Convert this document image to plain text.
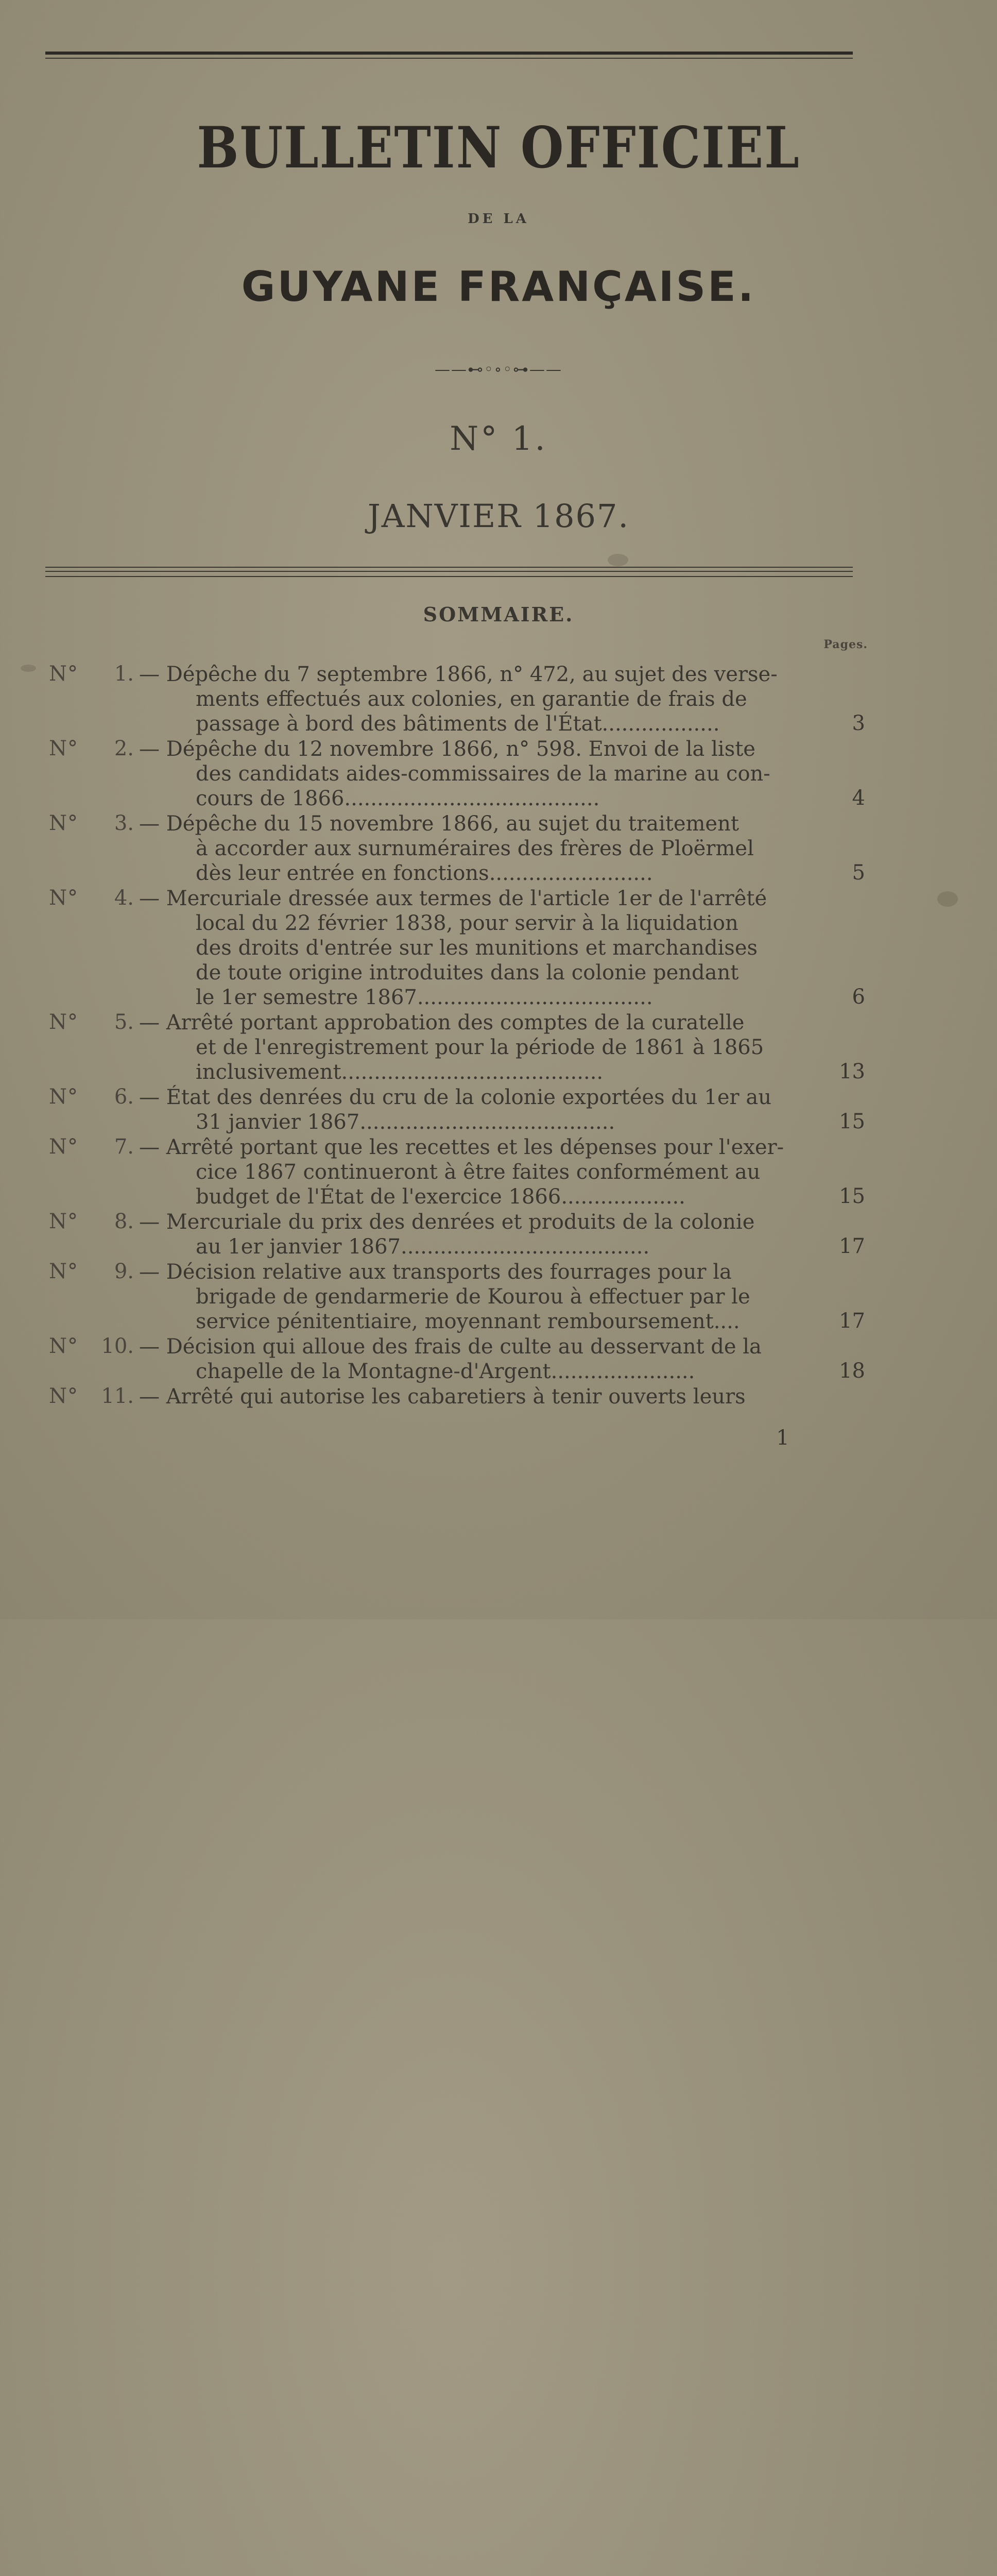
BULLETIN OFFICIEL
DE LA
GUYANE FRANÇAISE.
——⊷◦∘◦⊶——
N° 1.
JANVIER 1867.
SOMMAIRE.
Pages.
N°	1. — Dépêche du 7 septembre 1866, n° 472, au sujet des verse-
ments effectués aux colonies, en garantie de frais de
passage à bord des bâtiments de l'État..................	3
N°	2. — Dépêche du 12 novembre 1866, n° 598. Envoi de la liste
des candidats aides-commissaires de la marine au con-
cours de 1866.......................................	4
N°	3. — Dépêche du 15 novembre 1866, au sujet du traitement
à accorder aux surnuméraires des frères de Ploërmel
dès leur entrée en fonctions.........................	5
N°	4. — Mercuriale dressée aux termes de l'article 1er de l'arrêté
local du 22 février 1838, pour servir à la liquidation
des droits d'entrée sur les munitions et marchandises
de toute origine introduites dans la colonie pendant
le 1er semestre 1867....................................	6
N°	5. — Arrêté portant approbation des comptes de la curatelle
et de l'enregistrement pour la période de 1861 à 1865
inclusivement........................................	13
N°	6. — État des denrées du cru de la colonie exportées du 1er au
31 janvier 1867.......................................	15
N°	7. — Arrêté portant que les recettes et les dépenses pour l'exer-
cice 1867 continueront à être faites conformément au
budget de l'État de l'exercice 1866...................	15
N°	8. — Mercuriale du prix des denrées et produits de la colonie
au 1er janvier 1867......................................	17
N°	9. — Décision relative aux transports des fourrages pour la
brigade de gendarmerie de Kourou à effectuer par le
service pénitentiaire, moyennant remboursement....	17
N°	10. — Décision qui alloue des frais de culte au desservant de la
chapelle de la Montagne-d'Argent......................	18
N°	11. — Arrêté qui autorise les cabaretiers à tenir ouverts leurs
1
